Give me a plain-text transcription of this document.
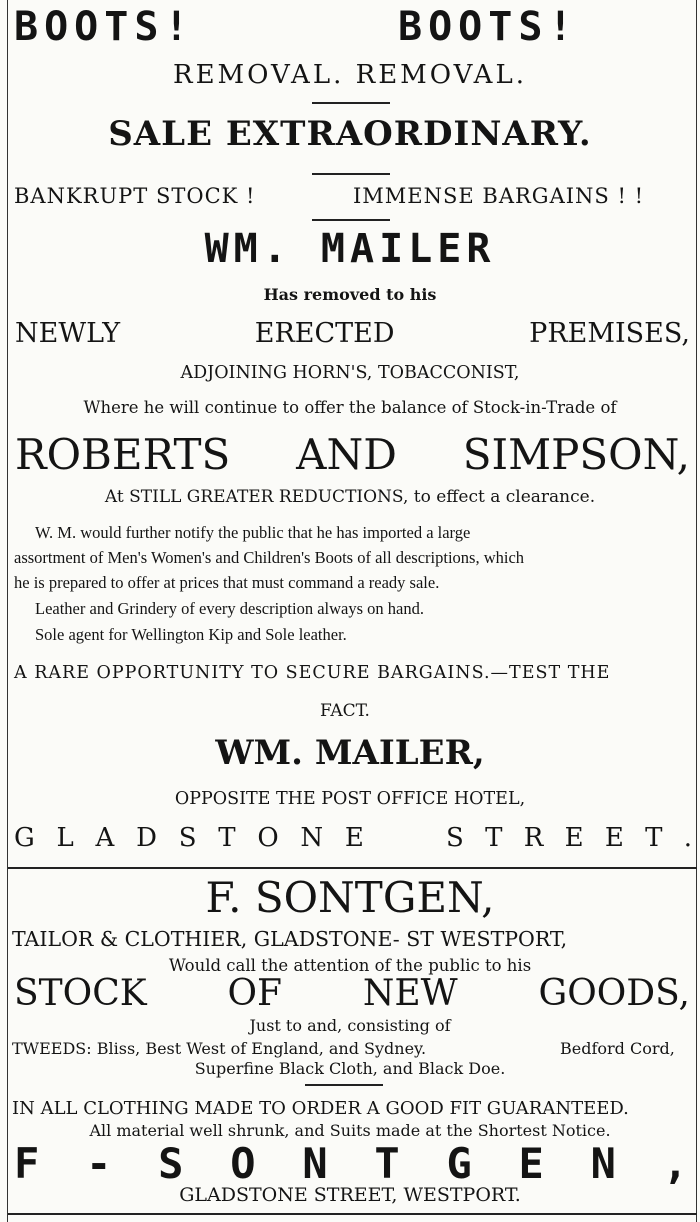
BOOTS!	BOOTS!
REMOVAL. REMOVAL.
SALE EXTRAORDINARY.
BANKRUPT STOCK !	IMMENSE BARGAINS ! !
WM. MAILER
Has removed to his
NEWLY	ERECTED	PREMISES,
ADJOINING HORN'S, TOBACCONIST,
Where he will continue to offer the balance of Stock-in-Trade of
ROBERTS AND SIMPSON,
At STILL GREATER REDUCTIONS, to effect a clearance.
W. M. would further notify the public that he has imported a large
assortment of Men's Women's and Children's Boots of all descriptions, which
he is prepared to offer at prices that must command a ready sale.
Leather and Grindery of every description always on hand.
Sole agent for Wellington Kip and Sole leather.
A RARE OPPORTUNITY TO SECURE BARGAINS.—TEST THE
FACT.
WM. MAILER,
OPPOSITE THE POST OFFICE HOTEL,
G L A D S T O N E	S T R E E T .
F. SONTGEN,
TAILOR & CLOTHIER, GLADSTONE- ST WESTPORT,
Would call the attention of the public to his
STOCK OF NEW GOODS,
Just to and, consisting of
TWEEDS: Bliss, Best West of England, and Sydney.	Bedford Cord,
Superfine Black Cloth, and Black Doe.
IN ALL CLOTHING MADE TO ORDER A GOOD FIT GUARANTEED.
All material well shrunk, and Suits made at the Shortest Notice.
F - S O N T G E N ,
GLADSTONE STREET, WESTPORT.
